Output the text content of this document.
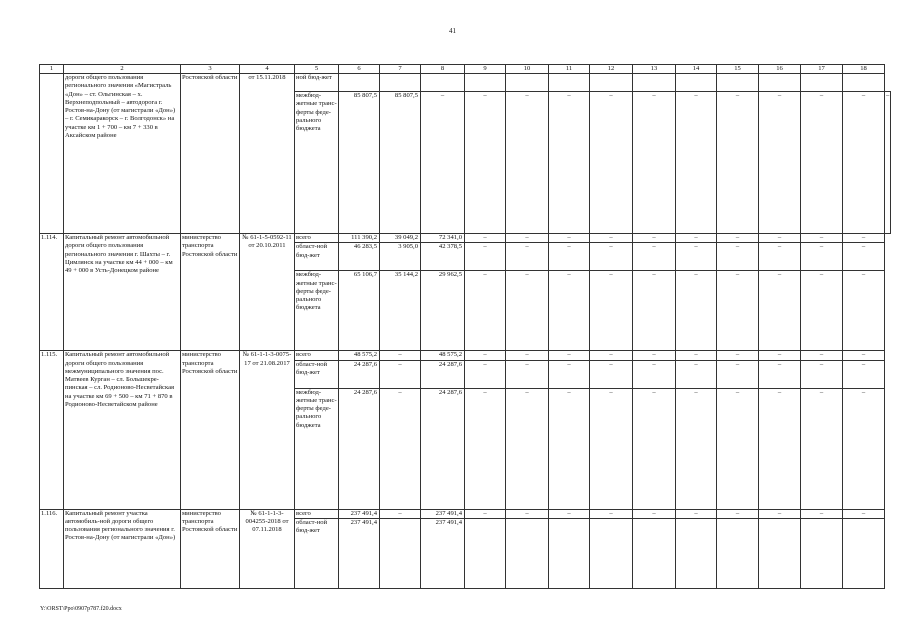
41
1	2	3	4	5	6	7	8	9	10	11	12	13	14	15	16	17	18	
	дороги общего пользования регионального значения «Магистраль «Дон» – ст. Ольгинская – х. Верхнеподпольный – автодорога г. Ростов-на-Дону (от магистрали «Дон») – г. Семикаракорск – г. Волгодонск» на участке км 1 + 700 – км 7 + 330 в Аксайском районе	Ростовской области	от 15.11.2018	ной бюд-жет														
				межбюд-жетные транс-ферты феде-рального бюджета	85 807,5	85 807,5	–	–	–	–	–	–	–	–	–	–	–	–
1.114.	Капитальный ремонт автомобильной дороги общего пользования регионального значения г. Шахты – г. Цимлянск на участке км 44 + 000 – км 49 + 000 в Усть-Донецком районе	министерство транспорта Ростовской области	№ 61-1-5-0592-11 от 20.10.2011	всего	111 390,2	39 049,2	72 341,0	–	–	–	–	–	–	–	–	–	–	
				област-ной бюд-жет	46 283,5	3 905,0	42 378,5	–	–	–	–	–	–	–	–	–	–	
				межбюд-жетные транс-ферты феде-рального бюджета	65 106,7	35 144,2	29 962,5	–	–	–	–	–	–	–	–	–	–	
1.115.	Капитальный ремонт автомобильной дороги общего пользования межмуниципального значения пос. Матвеев Курган – сл. Большекре-пинская – сл. Родионово-Несветайская на участке км 69 + 500 – км 71 + 870 в Родионово-Несветайском районе	министерство транспорта Ростовской области	№ 61-1-1-3-0075-17 от 21.08.2017	всего	48 575,2	–	48 575,2	–	–	–	–	–	–	–	–	–	–	
				област-ной бюд-жет	24 287,6	–	24 287,6	–	–	–	–	–	–	–	–	–	–	
				межбюд-жетные транс-ферты феде-рального бюджета	24 287,6	–	24 287,6	–	–	–	–	–	–	–	–	–	–	
1.116.	Капитальный ремонт участка автомобиль-ной дороги общего пользования регионального значения г. Ростов-на-Дону (от магистрали «Дон»)	министерство транспорта Ростовской области	№ 61-1-1-3-004255-2018 от 07.11.2018	всего	237 491,4	–	237 491,4	–	–	–	–	–	–	–	–	–	–	
				област-ной бюд-жет	237 491,4		237 491,4											
Y:\ORST\Ppo\0907p787.f20.docx
